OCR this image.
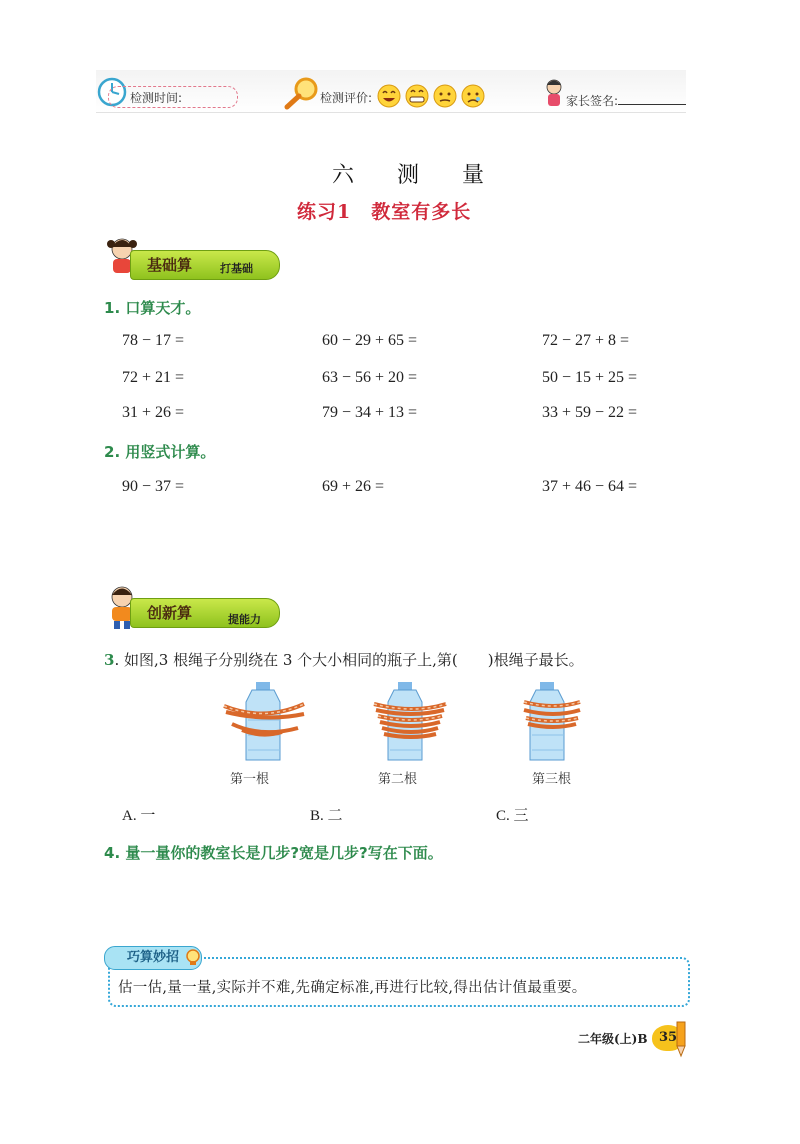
检测时间:	检测评价:	家长签名:
六 测 量
练习1　教室有多长
基础算	打基础
1. 口算天才。
78 − 17 =	60 − 29 + 65 =	72 − 27 + 8 =
72 + 21 =	63 − 56 + 20 =	50 − 15 + 25 =
31 + 26 =	79 − 34 + 13 =	33 + 59 − 22 =
2. 用竖式计算。
90 − 37 =	69 + 26 =	37 + 46 − 64 =
创新算	提能力
3. 如图,3 根绳子分别绕在 3 个大小相同的瓶子上,第(　　)根绳子最长。
第一根	第二根	第三根
A. 一	B. 二	C. 三
4. 量一量你的教室长是几步?宽是几步?写在下面。
巧算妙招
估一估,量一量,实际并不难,先确定标准,再进行比较,得出估计值最重要。
二年级(上)B 35
